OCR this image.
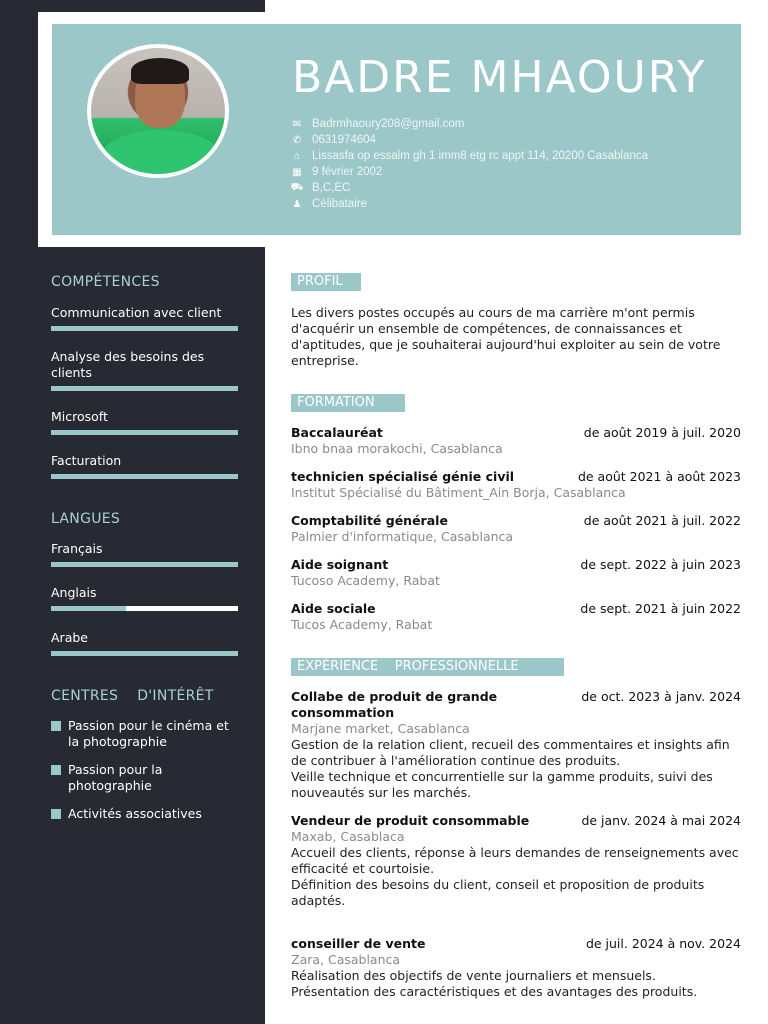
BADRE MHAOURY
✉ Badrmhaoury208@gmail.com
✆ 0631974604
⌂	Lissasfa op essalm gh 1 imm8 etg rc appt 114, 20200 Casablanca
▦ 9 février 2002
⛟ B,C,EC
♟ Célibataire
COMPÉTENCES
Communication avec client
Analyse des besoins des clients
Microsoft
Facturation
LANGUES
Français
Anglais
Arabe
CENTRES    D'INTÉRÊT
Passion pour le cinéma et la photographie
Passion pour la photographie
Activités associatives
PROFIL
Les divers postes occupés au cours de ma carrière m'ont permis d'acquérir un ensemble de compétences, de connaissances et d'aptitudes, que je souhaiterai aujourd'hui exploiter au sein de votre entreprise.
FORMATION
Baccalauréat	de août 2019 à juil. 2020
Ibno bnaa morakochi, Casablanca
technicien spécialisé génie civil	de août 2021 à août 2023
Institut Spécialisé du Bâtiment_Ain Borja, Casablanca
Comptabilité générale	de août 2021 à juil. 2022
Palmier d'informatique, Casablanca
Aide soignant	de sept. 2022 à juin 2023
Tucoso Academy, Rabat
Aide sociale	de sept. 2021 à juin 2022
Tucos Academy, Rabat
EXPÉRIENCE    PROFESSIONNELLE
Collabe de produit de grande consommation
de oct. 2023 à janv. 2024
Marjane market, Casablanca
Gestion de la relation client, recueil des commentaires et insights afin de contribuer à l'amélioration continue des produits.
Veille technique et concurrentielle sur la gamme produits, suivi des nouveautés sur les marchés.
Vendeur de produit consommable	de janv. 2024 à mai 2024
Maxab, Casablaca
Accueil des clients, réponse à leurs demandes de renseignements avec
efficacité et courtoisie.
Définition des besoins du client, conseil et proposition de produits adaptés.
conseiller de vente	de juil. 2024 à nov. 2024
Zara, Casablanca
Réalisation des objectifs de vente journaliers et mensuels.
Présentation des caractéristiques et des avantages des produits.
